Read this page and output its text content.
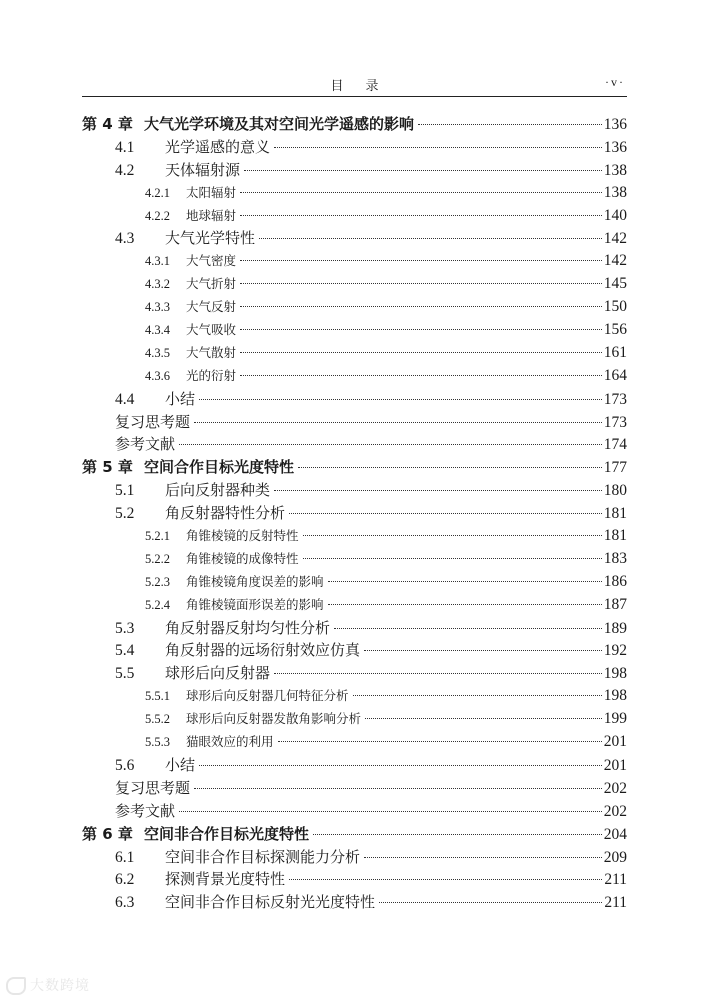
目录	·v·
第 4 章 大气光学环境及其对空间光学遥感的影响	136
4.1	光学遥感的意义	136
4.2	天体辐射源	138
4.2.1	太阳辐射	138
4.2.2	地球辐射	140
4.3	大气光学特性	142
4.3.1	大气密度	142
4.3.2	大气折射	145
4.3.3	大气反射	150
4.3.4	大气吸收	156
4.3.5	大气散射	161
4.3.6	光的衍射	164
4.4	小结	173
复习思考题	173
参考文献	174
第 5 章 空间合作目标光度特性	177
5.1	后向反射器种类	180
5.2	角反射器特性分析	181
5.2.1	角锥棱镜的反射特性	181
5.2.2	角锥棱镜的成像特性	183
5.2.3	角锥棱镜角度误差的影响	186
5.2.4	角锥棱镜面形误差的影响	187
5.3	角反射器反射均匀性分析	189
5.4	角反射器的远场衍射效应仿真	192
5.5	球形后向反射器	198
5.5.1	球形后向反射器几何特征分析	198
5.5.2	球形后向反射器发散角影响分析	199
5.5.3	猫眼效应的利用	201
5.6	小结	201
复习思考题	202
参考文献	202
第 6 章 空间非合作目标光度特性	204
6.1	空间非合作目标探测能力分析	209
6.2	探测背景光度特性	211
6.3	空间非合作目标反射光光度特性	211
大数跨境
